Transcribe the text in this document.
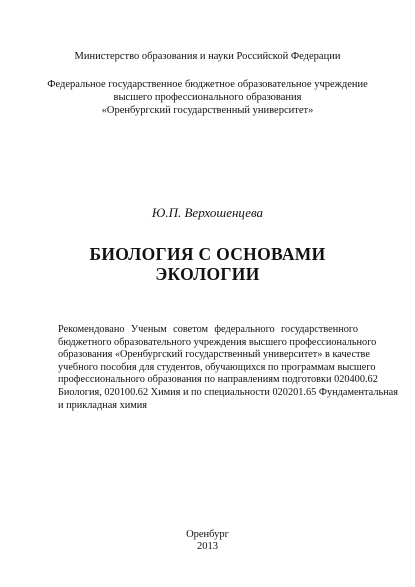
Министерство образования и науки Российской Федерации
Федеральное государственное бюджетное образовательное учреждение
высшего профессионального образования
«Оренбургский государственный университет»
Ю.П. Верхошенцева
БИОЛОГИЯ С ОСНОВАМИ
ЭКОЛОГИИ
Рекомендовано Ученым советом федерального государственного
бюджетного образовательного учреждения высшего профессионального
образования «Оренбургский государственный университет» в качестве
учебного пособия для студентов, обучающихся по программам высшего
профессионального образования по направлениям подготовки 020400.62
Биология, 020100.62 Химия и по специальности 020201.65 Фундаментальная
и прикладная химия
Оренбург
2013
